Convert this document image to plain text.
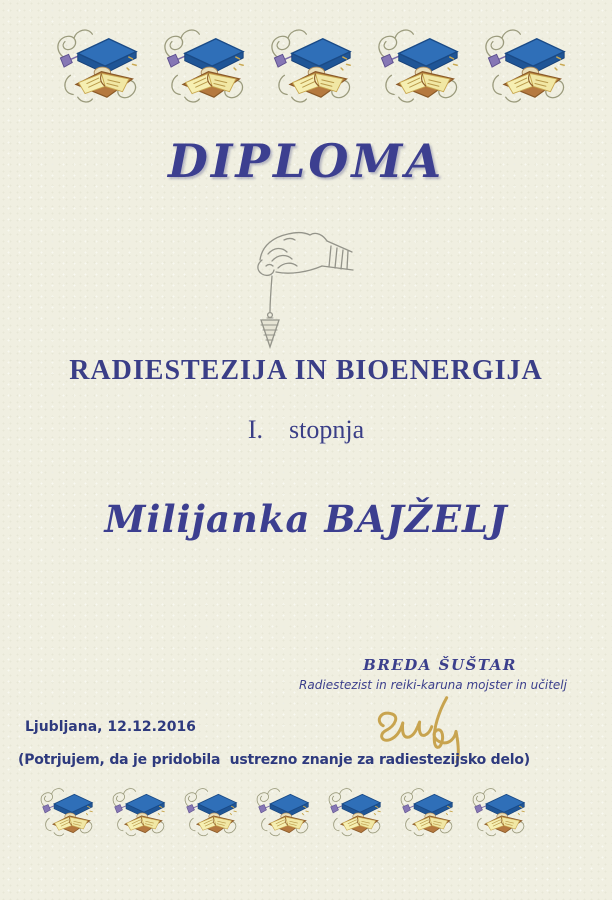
DIPLOMA
RADIESTEZIJA IN BIOENERGIJA
I.    stopnja
Milijanka BAJŽELJ
BREDA ŠUŠTAR
Radiestezist in reiki-karuna mojster in učitelj
Ljubljana, 12.12.2016
(Potrjujem, da je pridobila  ustrezno znanje za radiestezijsko delo)
